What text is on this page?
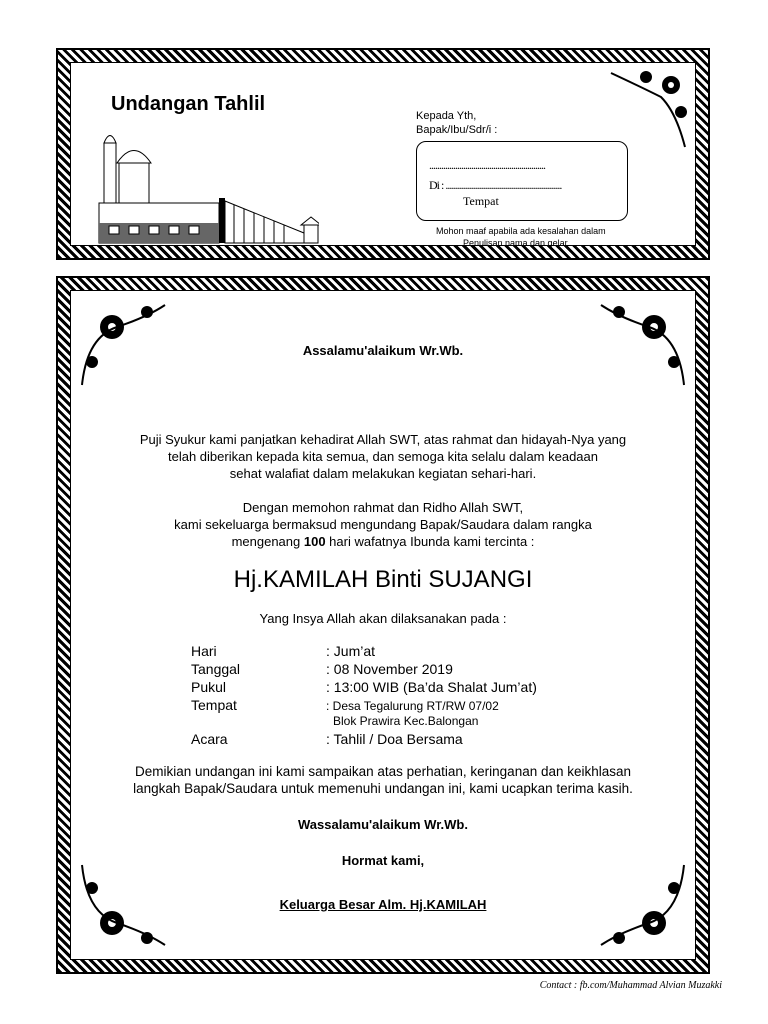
Undangan Tahlil
Kepada Yth,
Bapak/Ibu/Sdr/i :
..........................................................
Di : ..........................................................
Tempat
Mohon maaf apabila ada kesalahan dalam
Penulisan nama dan gelar
Assalamu'alaikum Wr.Wb.
Puji Syukur kami panjatkan kehadirat Allah SWT, atas rahmat dan hidayah-Nya yang
telah diberikan kepada kita semua, dan semoga kita selalu dalam keadaan
sehat walafiat dalam melakukan kegiatan sehari-hari.
Dengan memohon rahmat dan Ridho Allah SWT,
kami sekeluarga bermaksud mengundang Bapak/Saudara dalam rangka
mengenang 100 hari wafatnya Ibunda kami tercinta :
Hj.KAMILAH Binti SUJANGI
Yang Insya Allah akan dilaksanakan pada :
Hari	: Jum’at
Tanggal	: 08 November 2019
Pukul	: 13:00 WIB (Ba’da Shalat Jum’at)
Tempat	: Desa Tegalurung RT/RW 07/02
Blok Prawira Kec.Balongan
Acara	: Tahlil / Doa Bersama
Demikian undangan ini kami sampaikan atas perhatian, keringanan dan keikhlasan
langkah Bapak/Saudara untuk memenuhi undangan ini, kami ucapkan terima kasih.
Wassalamu'alaikum Wr.Wb.
Hormat kami,
Keluarga Besar Alm. Hj.KAMILAH
Contact : fb.com/Muhammad Alvian Muzakki
